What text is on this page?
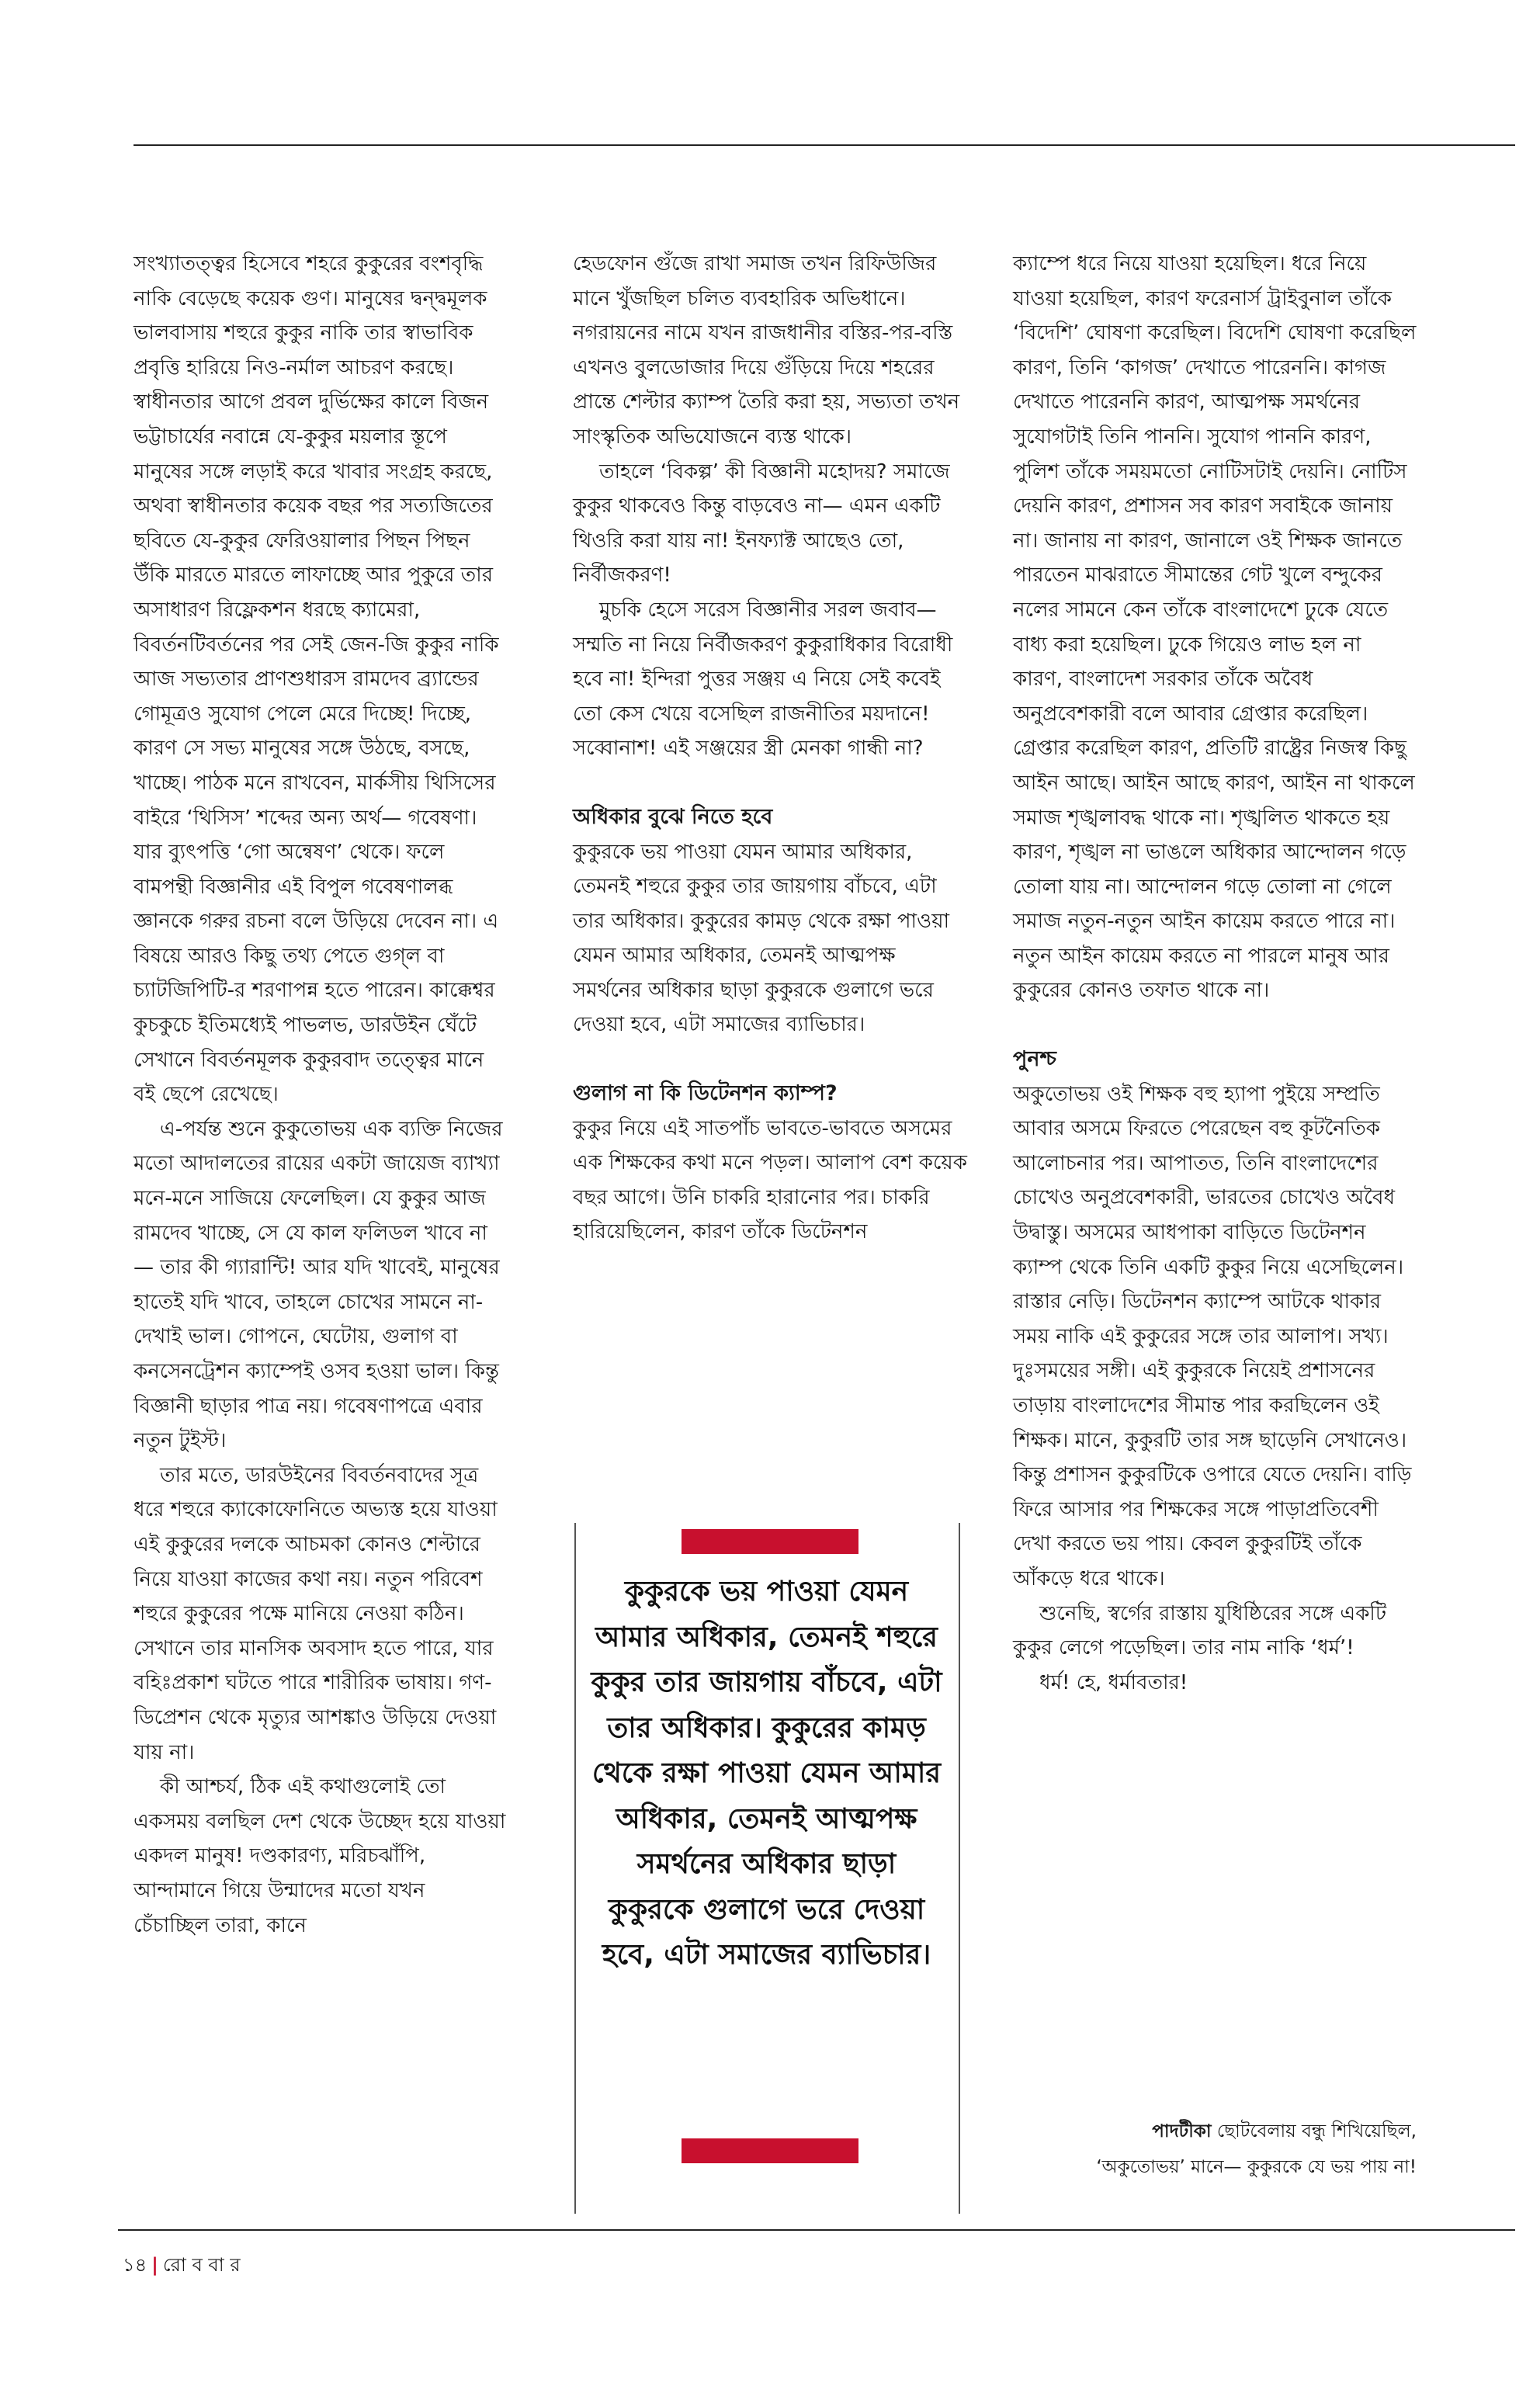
সংখ্যাতত্ত্বর হিসেবে শহরে কুকুরের বংশবৃদ্ধি নাকি বেড়েছে কয়েক গুণ। মানুষের দ্বন্দ্বমূলক ভালবাসায় শহুরে কুকুর নাকি তার স্বাভাবিক প্রবৃত্তি হারিয়ে নিও-নর্মাল আচরণ করছে। স্বাধীনতার আগে প্রবল দুর্ভিক্ষের কালে বিজন ভট্টাচার্যের নবান্নে যে-কুকুর ময়লার স্তূপে মানুষের সঙ্গে লড়াই করে খাবার সংগ্রহ করছে, অথবা স্বাধীনতার কয়েক বছর পর সত্যজিতের ছবিতে যে-কুকুর ফেরিওয়ালার পিছন পিছন উঁকি মারতে মারতে লাফাচ্ছে আর পুকুরে তার অসাধারণ রিফ্লেকশন ধরছে ক্যামেরা, বিবর্তনটিবর্তনের পর সেই জেন-জি কুকুর নাকি আজ সভ্যতার প্রাণশুধারস রামদেব ব্র্যান্ডের গোমূত্রও সুযোগ পেলে মেরে দিচ্ছে! দিচ্ছে, কারণ সে সভ্য মানুষের সঙ্গে উঠছে, বসছে, খাচ্ছে। পাঠক মনে রাখবেন, মার্কসীয় থিসিসের বাইরে ‘থিসিস’ শব্দের অন্য অর্থ— গবেষণা। যার ব্যুৎপত্তি ‘গো অন্বেষণ’ থেকে। ফলে বামপন্থী বিজ্ঞানীর এই বিপুল গবেষণালব্ধ জ্ঞানকে গরুর রচনা বলে উড়িয়ে দেবেন না। এ বিষয়ে আরও কিছু তথ্য পেতে গুগ্‌ল বা চ্যাটজিপিটি-র শরণাপন্ন হতে পারেন। কাক্কেশ্বর কুচকুচে ইতিমধ্যেই পাভলভ, ডারউইন ঘেঁটে সেখানে বিবর্তনমূলক কুকুরবাদ তত্ত্বের মানে বই ছেপে রেখেছে।

এ-পর্যন্ত শুনে কুকুতোভয় এক ব্যক্তি নিজের মতো আদালতের রায়ের একটা জায়েজ ব্যাখ্যা মনে-মনে সাজিয়ে ফেলেছিল। যে কুকুর আজ রামদেব খাচ্ছে, সে যে কাল ফলিডল খাবে না— তার কী গ্যারান্টি! আর যদি খাবেই, মানুষের হাতেই যদি খাবে, তাহলে চোখের সামনে না-দেখাই ভাল। গোপনে, ঘেটোয়, গুলাগ বা কনসেনট্রেশন ক্যাম্পেই ওসব হওয়া ভাল। কিন্তু বিজ্ঞানী ছাড়ার পাত্র নয়। গবেষণাপত্রে এবার নতুন টুইস্ট।

তার মতে, ডারউইনের বিবর্তনবাদের সূত্র ধরে শহুরে ক্যাকোফোনিতে অভ্যস্ত হয়ে যাওয়া এই কুকুরের দলকে আচমকা কোনও শেল্টারে নিয়ে যাওয়া কাজের কথা নয়। নতুন পরিবেশ শহুরে কুকুরের পক্ষে মানিয়ে নেওয়া কঠিন। সেখানে তার মানসিক অবসাদ হতে পারে, যার বহিঃপ্রকাশ ঘটতে পারে শারীরিক ভাষায়। গণ-ডিপ্রেশন থেকে মৃত্যুর আশঙ্কাও উড়িয়ে দেওয়া যায় না।

কী আশ্চর্য, ঠিক এই কথাগুলোই তো একসময় বলছিল দেশ থেকে উচ্ছেদ হয়ে যাওয়া একদল মানুষ! দণ্ডকারণ্য, মরিচঝাঁপি, আন্দামানে গিয়ে উন্মাদের মতো যখন চেঁচাচ্ছিল তারা, কানে

হেডফোন গুঁজে রাখা সমাজ তখন রিফিউজির মানে খুঁজছিল চলিত ব্যবহারিক অভিধানে। নগরায়নের নামে যখন রাজধানীর বস্তির-পর-বস্তি এখনও বুলডোজার দিয়ে গুঁড়িয়ে দিয়ে শহরের প্রান্তে শেল্টার ক্যাম্প তৈরি করা হয়, সভ্যতা তখন সাংস্কৃতিক অভিযোজনে ব্যস্ত থাকে।

তাহলে ‘বিকল্প’ কী বিজ্ঞানী মহোদয়? সমাজে কুকুর থাকবেও কিন্তু বাড়বেও না— এমন একটি থিওরি করা যায় না! ইনফ্যাক্ট আছেও তো, নির্বীজকরণ!

মুচকি হেসে সরেস বিজ্ঞানীর সরল জবাব— সম্মতি না নিয়ে নির্বীজকরণ কুকুরাধিকার বিরোধী হবে না! ইন্দিরা পুত্তর সঞ্জয় এ নিয়ে সেই কবেই তো কেস খেয়ে বসেছিল রাজনীতির ময়দানে! সব্বোনাশ! এই সঞ্জয়ের স্ত্রী মেনকা গান্ধী না?

অধিকার বুঝে নিতে হবে

কুকুরকে ভয় পাওয়া যেমন আমার অধিকার, তেমনই শহুরে কুকুর তার জায়গায় বাঁচবে, এটা তার অধিকার। কুকুরের কামড় থেকে রক্ষা পাওয়া যেমন আমার অধিকার, তেমনই আত্মপক্ষ সমর্থনের অধিকার ছাড়া কুকুরকে গুলাগে ভরে দেওয়া হবে, এটা সমাজের ব্যাভিচার।

গুলাগ না কি ডিটেনশন ক্যাম্প?

কুকুর নিয়ে এই সাতপাঁচ ভাবতে-ভাবতে অসমের এক শিক্ষকের কথা মনে পড়ল। আলাপ বেশ কয়েক বছর আগে। উনি চাকরি হারানোর পর। চাকরি হারিয়েছিলেন, কারণ তাঁকে ডিটেনশন

কুকুরকে ভয় পাওয়া যেমন আমার অধিকার, তেমনই শহুরে কুকুর তার জায়গায় বাঁচবে, এটা তার অধিকার। কুকুরের কামড় থেকে রক্ষা পাওয়া যেমন আমার অধিকার, তেমনই আত্মপক্ষ সমর্থনের অধিকার ছাড়া কুকুরকে গুলাগে ভরে দেওয়া হবে, এটা সমাজের ব্যাভিচার।

ক্যাম্পে ধরে নিয়ে যাওয়া হয়েছিল। ধরে নিয়ে যাওয়া হয়েছিল, কারণ ফরেনার্স ট্রাইবুনাল তাঁকে ‘বিদেশি’ ঘোষণা করেছিল। বিদেশি ঘোষণা করেছিল কারণ, তিনি ‘কাগজ’ দেখাতে পারেননি। কাগজ দেখাতে পারেননি কারণ, আত্মপক্ষ সমর্থনের সুযোগটাই তিনি পাননি। সুযোগ পাননি কারণ, পুলিশ তাঁকে সময়মতো নোটিসটাই দেয়নি। নোটিস দেয়নি কারণ, প্রশাসন সব কারণ সবাইকে জানায় না। জানায় না কারণ, জানালে ওই শিক্ষক জানতে পারতেন মাঝরাতে সীমান্তের গেট খুলে বন্দুকের নলের সামনে কেন তাঁকে বাংলাদেশে ঢুকে যেতে বাধ্য করা হয়েছিল। ঢুকে গিয়েও লাভ হল না কারণ, বাংলাদেশ সরকার তাঁকে অবৈধ অনুপ্রবেশকারী বলে আবার গ্রেপ্তার করেছিল। গ্রেপ্তার করেছিল কারণ, প্রতিটি রাষ্ট্রের নিজস্ব কিছু আইন আছে। আইন আছে কারণ, আইন না থাকলে সমাজ শৃঙ্খলাবদ্ধ থাকে না। শৃঙ্খলিত থাকতে হয় কারণ, শৃঙ্খল না ভাঙলে অধিকার আন্দোলন গড়ে তোলা যায় না। আন্দোলন গড়ে তোলা না গেলে সমাজ নতুন-নতুন আইন কায়েম করতে পারে না। নতুন আইন কায়েম করতে না পারলে মানুষ আর কুকুরের কোনও তফাত থাকে না।

পুনশ্চ

অকুতোভয় ওই শিক্ষক বহু হ্যাপা পুইয়ে সম্প্রতি আবার অসমে ফিরতে পেরেছেন বহু কূটনৈতিক আলোচনার পর। আপাতত, তিনি বাংলাদেশের চোখেও অনুপ্রবেশকারী, ভারতের চোখেও অবৈধ উদ্বাস্তু। অসমের আধপাকা বাড়িতে ডিটেনশন ক্যাম্প থেকে তিনি একটি কুকুর নিয়ে এসেছিলেন। রাস্তার নেড়ি। ডিটেনশন ক্যাম্পে আটকে থাকার সময় নাকি এই কুকুরের সঙ্গে তার আলাপ। সখ্য। দুঃসময়ের সঙ্গী। এই কুকুরকে নিয়েই প্রশাসনের তাড়ায় বাংলাদেশের সীমান্ত পার করছিলেন ওই শিক্ষক। মানে, কুকুরটি তার সঙ্গ ছাড়েনি সেখানেও। কিন্তু প্রশাসন কুকুরটিকে ওপারে যেতে দেয়নি। বাড়ি ফিরে আসার পর শিক্ষকের সঙ্গে পাড়াপ্রতিবেশী দেখা করতে ভয় পায়। কেবল কুকুরটিই তাঁকে আঁকড়ে ধরে থাকে।

শুনেছি, স্বর্গের রাস্তায় যুধিষ্ঠিরের সঙ্গে একটি কুকুর লেগে পড়েছিল। তার নাম নাকি ‘ধর্ম’!

ধর্ম! হে, ধর্মাবতার!

পাদটীকা ছোটবেলায় বন্ধু শিখিয়েছিল,
‘অকুতোভয়’ মানে— কুকুরকে যে ভয় পায় না!
১৪ | রো ব বা র
